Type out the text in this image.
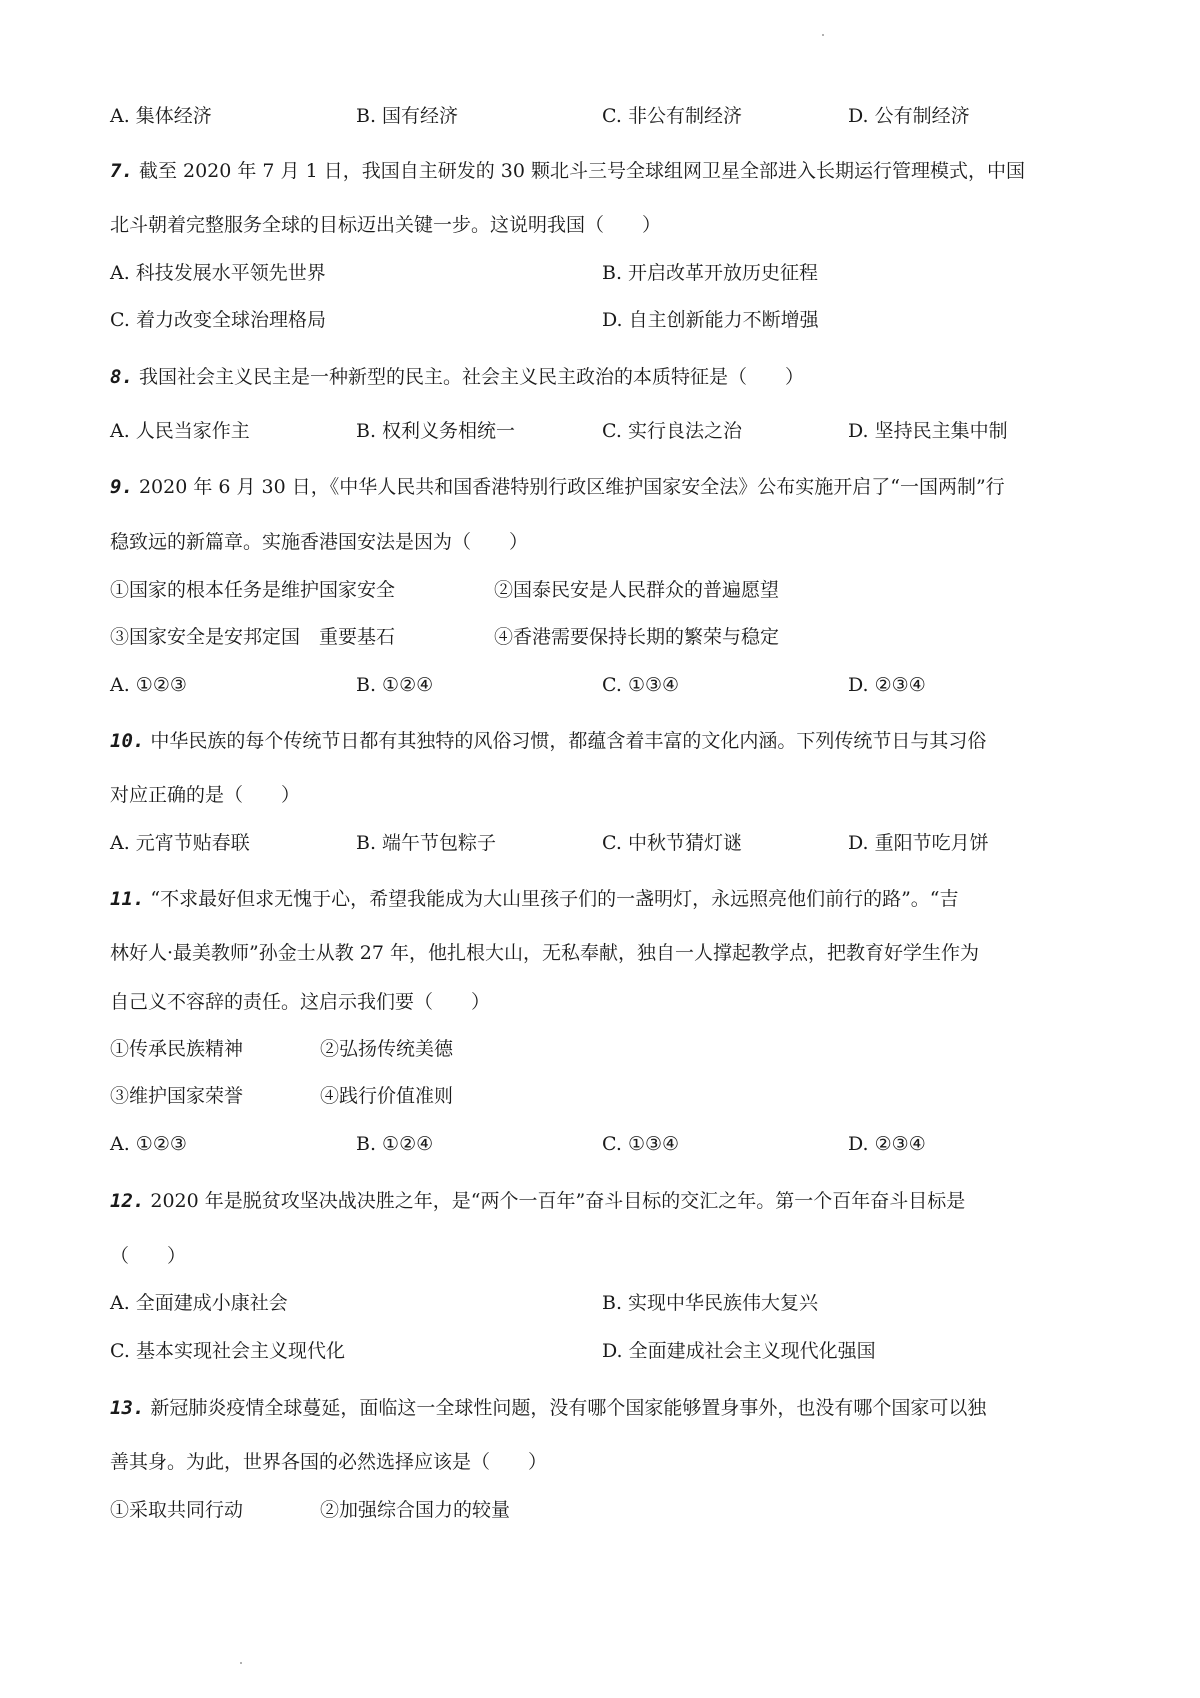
A. 集体经济	B. 国有经济	C. 非公有制经济	D. 公有制经济
7. 截至 2020 年 7 月 1 日，我国自主研发的 30 颗北斗三号全球组网卫星全部进入长期运行管理模式，中国
北斗朝着完整服务全球的目标迈出关键一步。这说明我国（　　）
A. 科技发展水平领先世界	B. 开启改革开放历史征程
C. 着力改变全球治理格局	D. 自主创新能力不断增强
8. 我国社会主义民主是一种新型的民主。社会主义民主政治的本质特征是（　　）
A. 人民当家作主	B. 权利义务相统一	C. 实行良法之治	D. 坚持民主集中制
9. 2020 年 6 月 30 日，《中华人民共和国香港特别行政区维护国家安全法》公布实施开启了“一国两制”行
稳致远的新篇章。实施香港国安法是因为（　　）
①国家的根本任务是维护国家安全	②国泰民安是人民群众的普遍愿望
③国家安全是安邦定国　重要基石	④香港需要保持长期的繁荣与稳定
A. ①②③	B. ①②④	C. ①③④	D. ②③④
10. 中华民族的每个传统节日都有其独特的风俗习惯，都蕴含着丰富的文化内涵。下列传统节日与其习俗
对应正确的是（　　）
A. 元宵节贴春联	B. 端午节包粽子	C. 中秋节猜灯谜	D. 重阳节吃月饼
11. “不求最好但求无愧于心，希望我能成为大山里孩子们的一盏明灯，永远照亮他们前行的路”。“吉
林好人·最美教师”孙金士从教 27 年，他扎根大山，无私奉献，独自一人撑起教学点，把教育好学生作为
自己义不容辞的责任。这启示我们要（　　）
①传承民族精神	②弘扬传统美德
③维护国家荣誉	④践行价值准则
A. ①②③	B. ①②④	C. ①③④	D. ②③④
12. 2020 年是脱贫攻坚决战决胜之年，是“两个一百年”奋斗目标的交汇之年。第一个百年奋斗目标是
（　　）
A. 全面建成小康社会	B. 实现中华民族伟大复兴
C. 基本实现社会主义现代化	D. 全面建成社会主义现代化强国
13. 新冠肺炎疫情全球蔓延，面临这一全球性问题，没有哪个国家能够置身事外，也没有哪个国家可以独
善其身。为此，世界各国的必然选择应该是（　　）
①采取共同行动	②加强综合国力的较量
